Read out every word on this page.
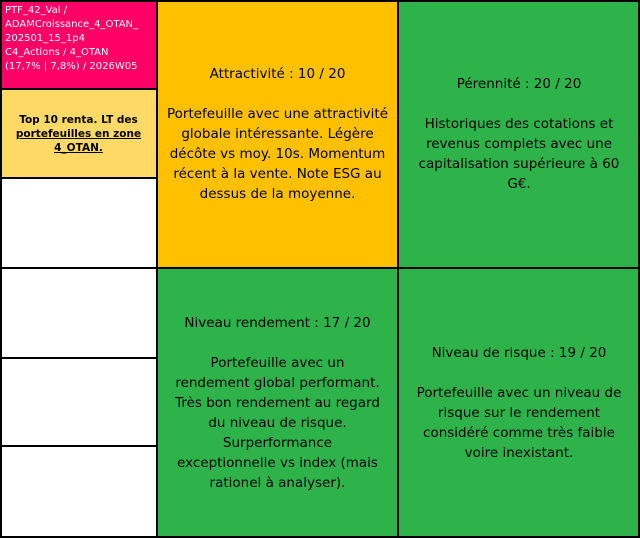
PTF_42_Val /
ADAMCroissance_4_OTAN_
202501_15_1p4
C4_Actions / 4_OTAN
(17,7% | 7,8%) / 2026W05
Top 10 renta. LT des
portefeuilles en zone
4_OTAN.
Attractivité : 10 / 20
Portefeuille avec une attractivité globale intéressante. Légère décôte vs moy. 10s. Momentum récent à la vente. Note ESG au dessus de la moyenne.
Pérennité : 20 / 20
Historiques des cotations et revenus complets avec une capitalisation supérieure à 60 G€.
Niveau rendement : 17 / 20
Portefeuille avec un rendement global performant. Très bon rendement au regard du niveau de risque. Surperformance exceptionnelle vs index (mais rationel à analyser).
Niveau de risque : 19 / 20
Portefeuille avec un niveau de risque sur le rendement considéré comme très faible voire inexistant.
